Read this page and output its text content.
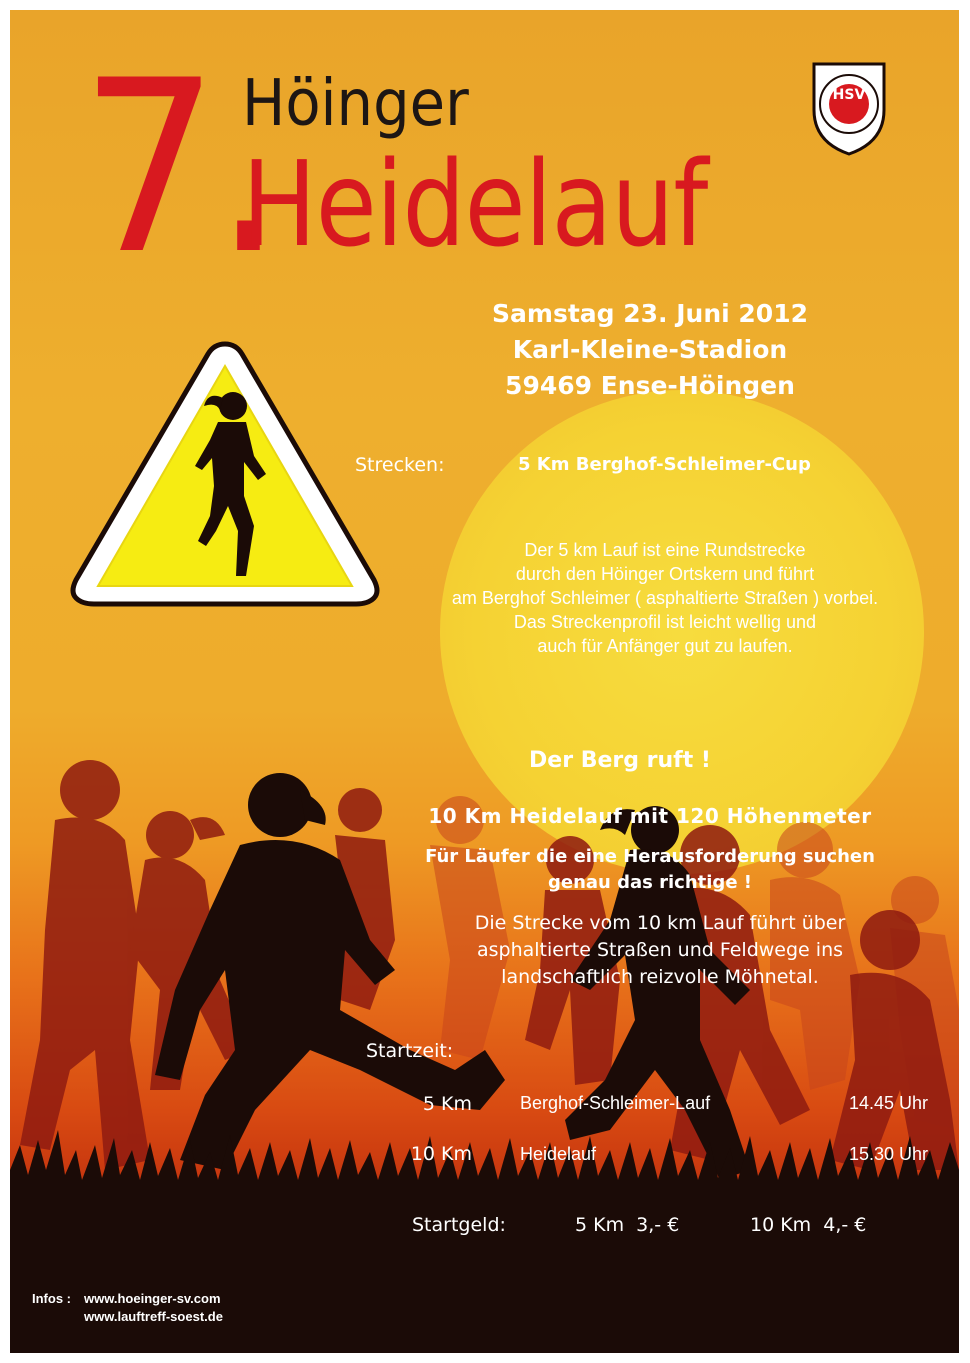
7.
Höinger
Heidelauf
HSV
Samstag 23. Juni 2012
Karl-Kleine-Stadion
59469 Ense-Höingen
Strecken:	5 Km Berghof-Schleimer-Cup
Der 5 km Lauf ist eine Rundstrecke
durch den Höinger Ortskern und führt
am Berghof Schleimer ( asphaltierte Straßen ) vorbei.
Das Streckenprofil ist leicht wellig und
auch für Anfänger gut zu laufen.
Der Berg ruft !
10 Km Heidelauf mit 120 Höhenmeter
Für Läufer die eine Herausforderung suchen
genau das richtige !
Die Strecke vom 10 km Lauf führt über
asphaltierte Straßen und Feldwege ins
landschaftlich reizvolle Möhnetal.
Startzeit:
5 Km	Berghof-Schleimer-Lauf	14.45 Uhr
10 Km	Heidelauf	15.30 Uhr
Startgeld:	5 Km  3,- €	10 Km  4,- €
Infos : www.hoeinger-sv.com
www.lauftreff-soest.de
